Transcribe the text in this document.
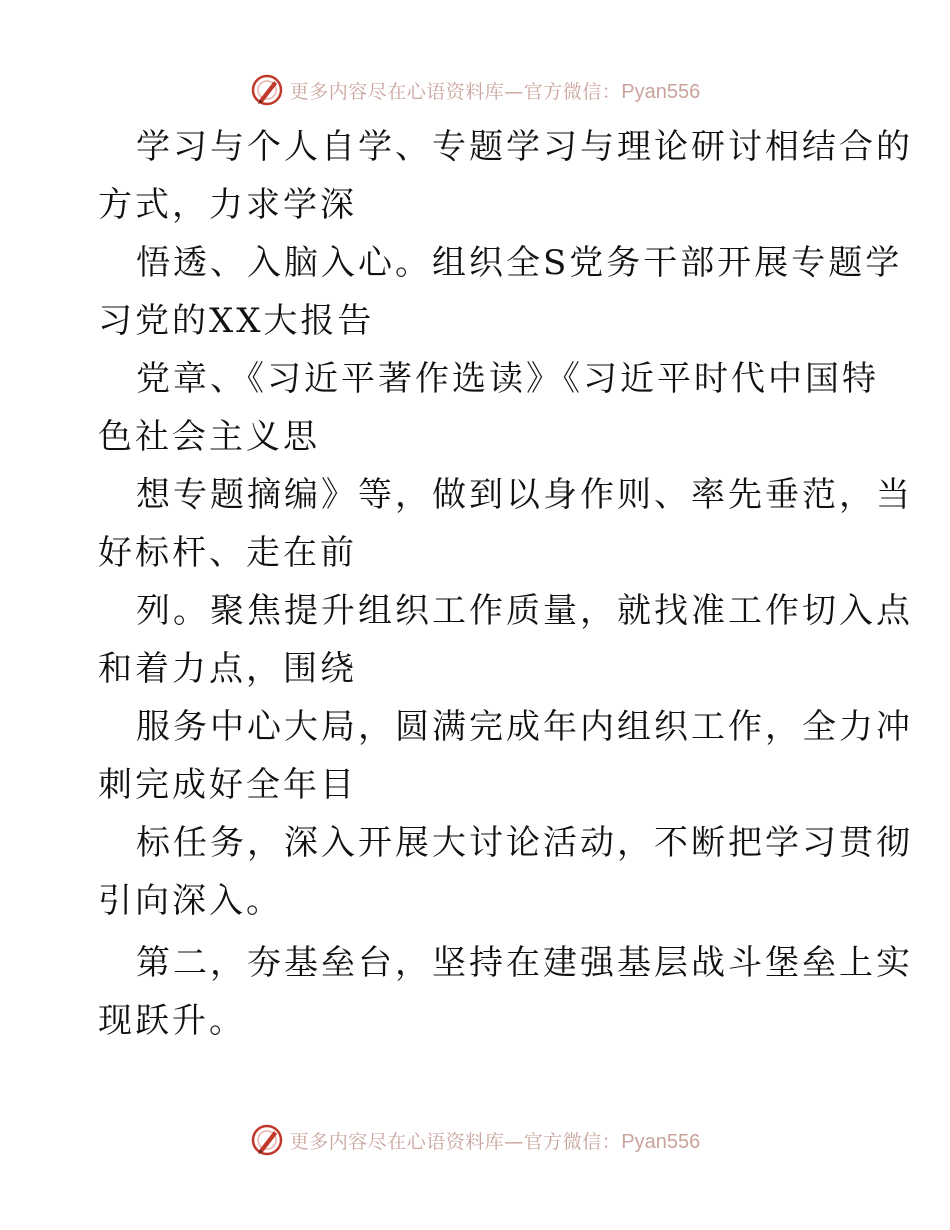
更多内容尽在心语资料库—官方微信：Pyan556
学习与个人自学、专题学习与理论研讨相结合的
方式，力求学深
悟透、入脑入心。组织全S党务干部开展专题学
习党的XX大报告
党章、《习近平著作选读》《习近平时代中国特
色社会主义思
想专题摘编》等，做到以身作则、率先垂范，当
好标杆、走在前
列。聚焦提升组织工作质量，就找准工作切入点
和着力点，围绕
服务中心大局，圆满完成年内组织工作，全力冲
刺完成好全年目
标任务，深入开展大讨论活动，不断把学习贯彻
引向深入。
第二，夯基垒台，坚持在建强基层战斗堡垒上实
现跃升。
更多内容尽在心语资料库—官方微信：Pyan556
